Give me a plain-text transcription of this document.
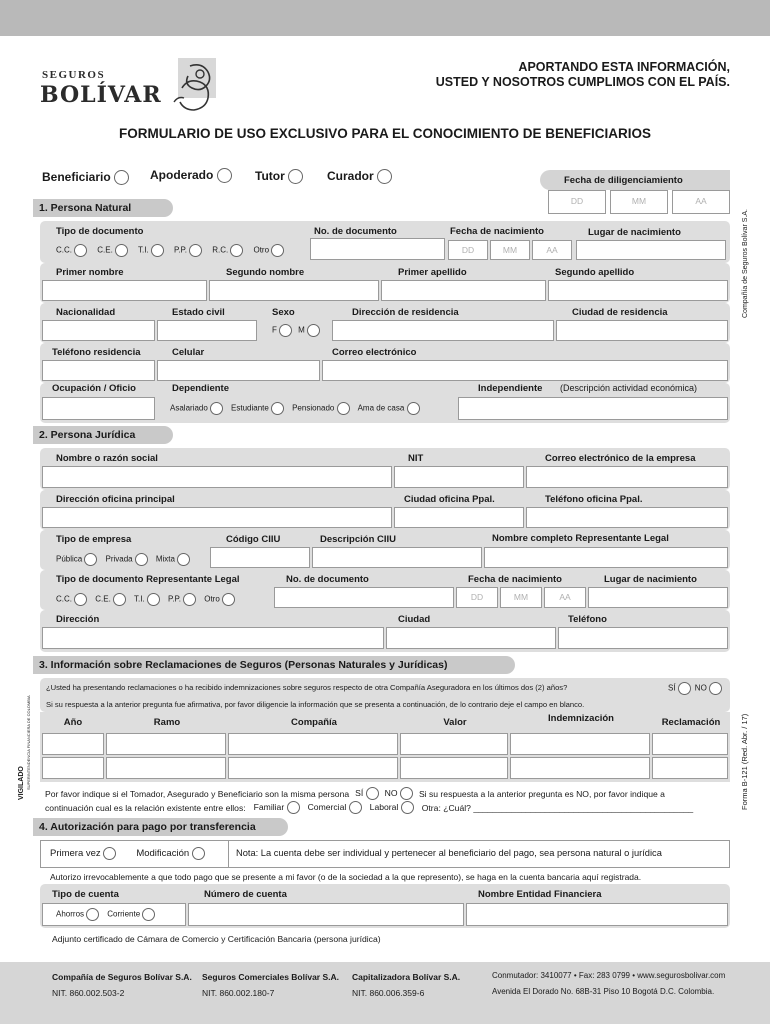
SEGUROS
BOLÍVAR
APORTANDO ESTA INFORMACIÓN,
USTED Y NOSOTROS CUMPLIMOS CON EL PAÍS.
FORMULARIO DE USO EXCLUSIVO PARA EL CONOCIMIENTO DE BENEFICIARIOS
Beneficiario	Apoderado	Tutor	Curador	Fecha de diligenciamiento
DD	MM	AA
Compañía de Seguros Bolívar S.A.
Forma B-121 (Red. Abr. / 17)
VIGILADO SUPERINTENDENCIA FINANCIERA DE COLOMBIA
1. Persona Natural
Tipo de documento	No. de documento	Fecha de nacimiento	Lugar de nacimiento
DD	MM	AA
C.C.	C.E.	T.I.	P.P.	R.C.	Otro
Primer nombre	Segundo nombre	Primer apellido	Segundo apellido
Nacionalidad	Estado civil	Sexo	Dirección de residencia	Ciudad de residencia
F	M
Teléfono residencia	Celular	Correo electrónico
Ocupación / Oficio	Dependiente	Independiente (Descripción actividad económica)
Asalariado	Estudiante	Pensionado	Ama de casa
2. Persona Jurídica
Nombre o razón social	NIT	Correo electrónico de la empresa
Dirección oficina principal	Ciudad oficina Ppal.	Teléfono oficina Ppal.
Tipo de empresa	Código CIIU	Descripción CIIU	Nombre completo Representante Legal
Pública	Privada	Mixta
Tipo de documento Representante Legal	No. de documento	Fecha de nacimiento	Lugar de nacimiento
C.C.	C.E.	T.I.	P.P.	Otro	DD	MM	AA
Dirección	Ciudad	Teléfono
3. Información sobre Reclamaciones de Seguros (Personas Naturales y Jurídicas)
¿Usted ha presentando reclamaciones o ha recibido indemnizaciones sobre seguros respecto de otra Compañía Aseguradora en los últimos dos (2) años?	SÍ	NO
Si su respuesta a la anterior pregunta fue afirmativa, por favor diligencie la información que se presenta a continuación, de lo contrario deje el campo en blanco.
Año	Ramo	Compañía	Valor	Indemnización	Reclamación
Por favor indique si el Tomador, Asegurado y Beneficiario son la misma persona SÍ	NO	Si su respuesta a la anterior pregunta es NO, por favor indique a
continuación cual es la relación existente entre ellos: Familiar	Comercial	Laboral	Otra: ¿Cuál? ______________________________________________
4. Autorización para pago por transferencia
Primera vez	Modificación	Nota: La cuenta debe ser individual y pertenecer al beneficiario del pago, sea persona natural o jurídica
Autorizo irrevocablemente a que todo pago que se presente a mi favor (o de la sociedad a la que represento), se haga en la cuenta bancaria aquí registrada.
Tipo de cuenta	Número de cuenta	Nombre Entidad Financiera
Ahorros	Corriente
Adjunto certificado de Cámara de Comercio y Certificación Bancaria (persona jurídica)
Compañía de Seguros Bolívar S.A.
NIT. 860.002.503-2
Seguros Comerciales Bolívar S.A.
NIT. 860.002.180-7
Capitalizadora Bolívar S.A.
NIT. 860.006.359-6
Conmutador: 3410077 • Fax: 283 0799 • www.segurosbolivar.com
Avenida El Dorado No. 68B-31 Piso 10 Bogotá D.C. Colombia.
